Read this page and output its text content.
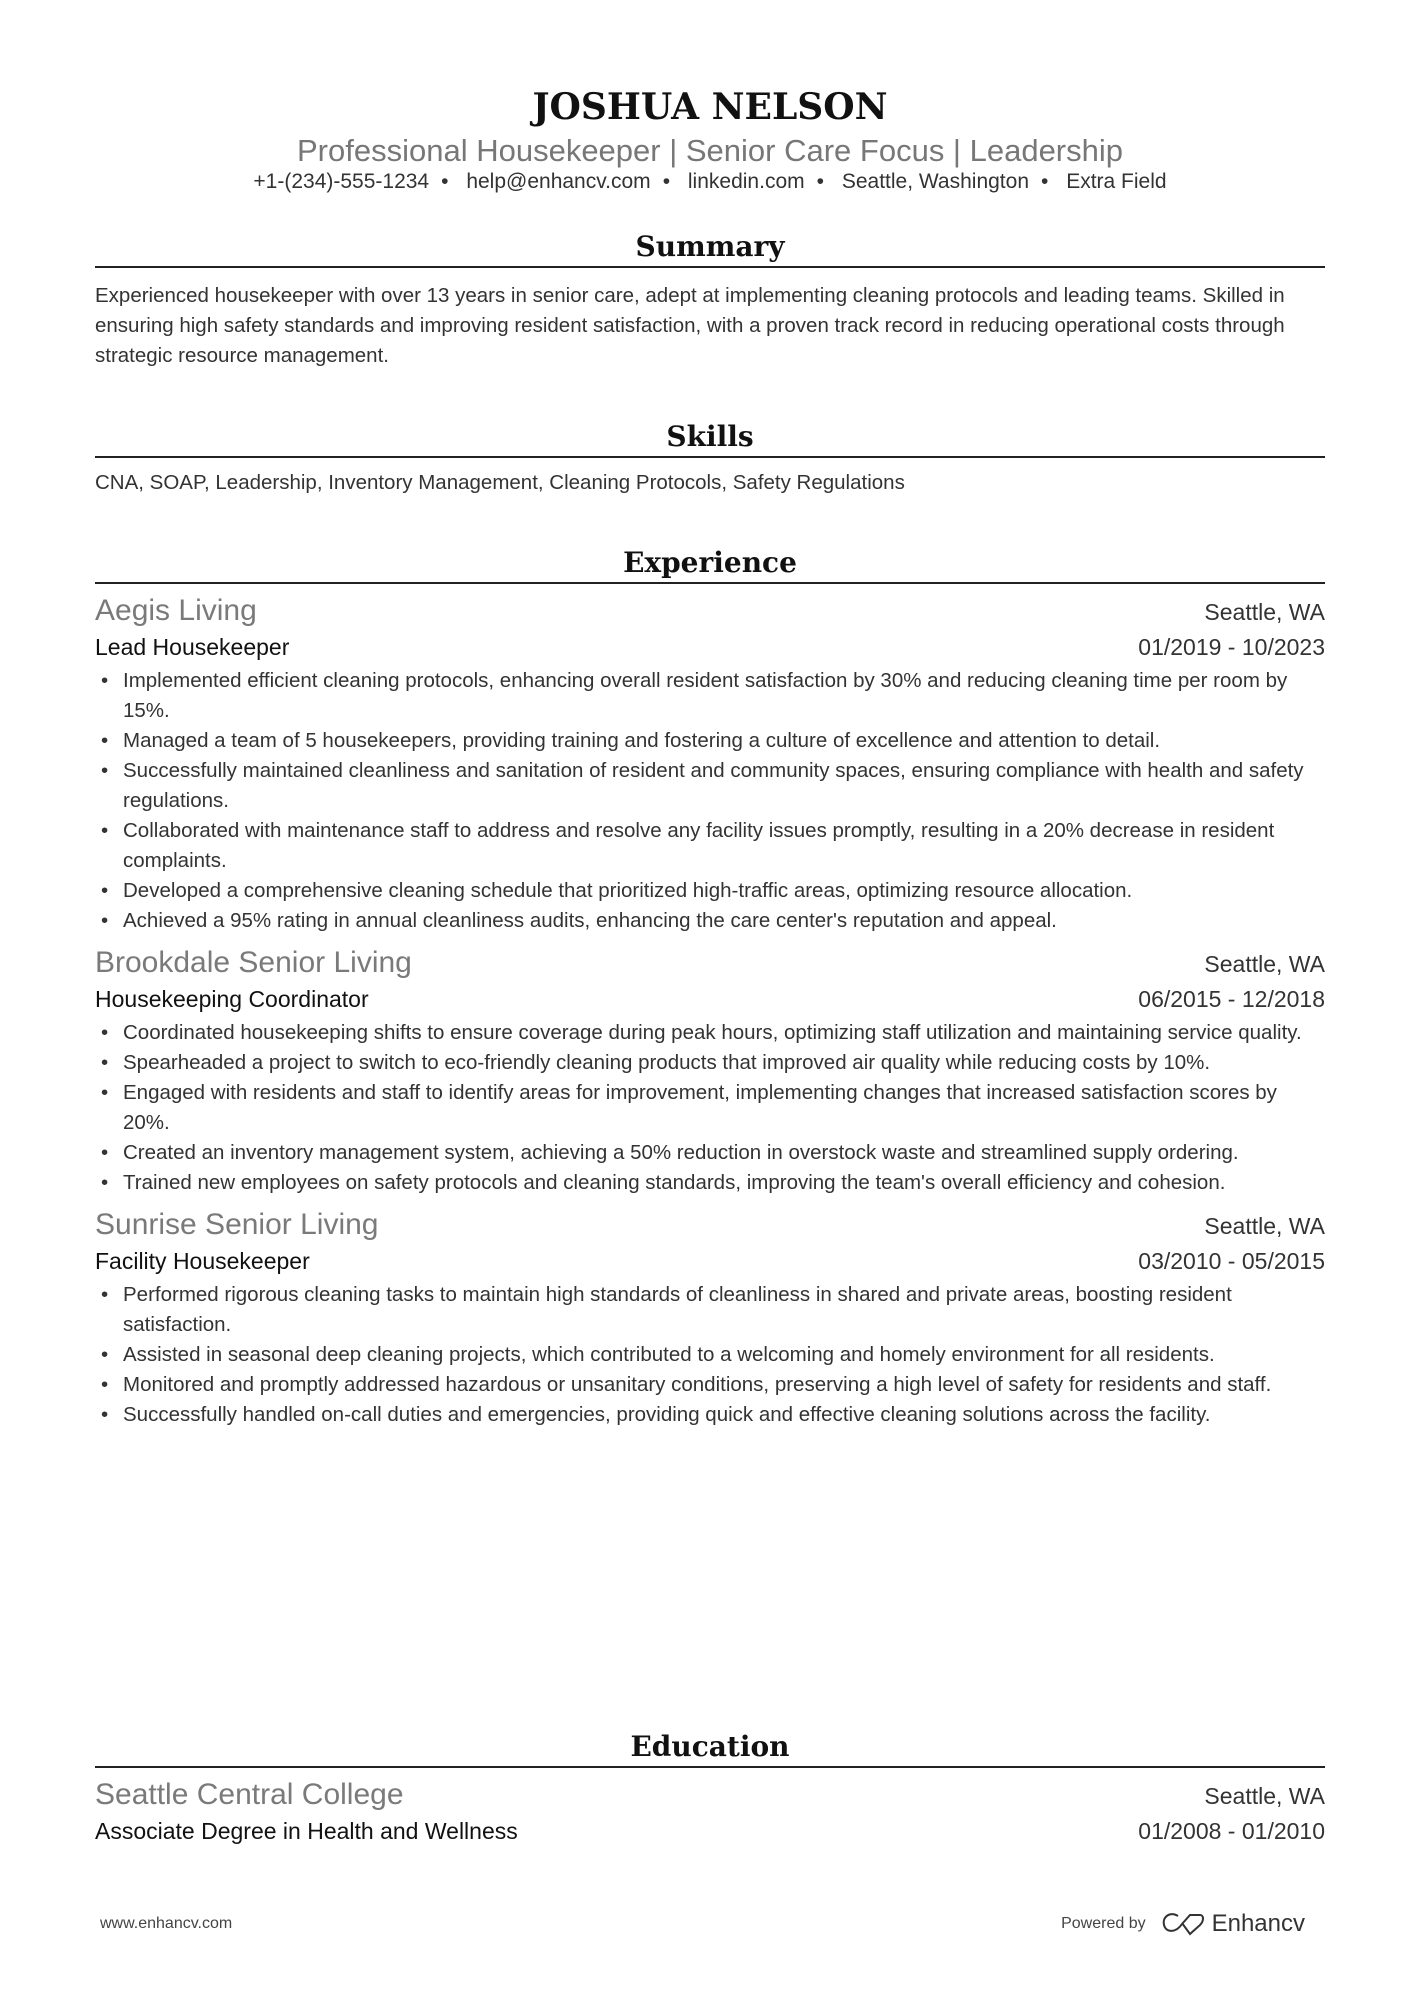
JOSHUA NELSON
Professional Housekeeper | Senior Care Focus | Leadership
+1-(234)-555-1234 • help@enhancv.com • linkedin.com • Seattle, Washington • Extra Field
Summary
Experienced housekeeper with over 13 years in senior care, adept at implementing cleaning protocols and leading teams. Skilled in ensuring high safety standards and improving resident satisfaction, with a proven track record in reducing operational costs through strategic resource management.
Skills
CNA, SOAP, Leadership, Inventory Management, Cleaning Protocols, Safety Regulations
Experience
Aegis Living	Seattle, WA
Lead Housekeeper	01/2019 - 10/2023
• Implemented efficient cleaning protocols, enhancing overall resident satisfaction by 30% and reducing cleaning time per room by 15%.
• Managed a team of 5 housekeepers, providing training and fostering a culture of excellence and attention to detail.
• Successfully maintained cleanliness and sanitation of resident and community spaces, ensuring compliance with health and safety regulations.
• Collaborated with maintenance staff to address and resolve any facility issues promptly, resulting in a 20% decrease in resident complaints.
• Developed a comprehensive cleaning schedule that prioritized high-traffic areas, optimizing resource allocation.
• Achieved a 95% rating in annual cleanliness audits, enhancing the care center's reputation and appeal.
Brookdale Senior Living	Seattle, WA
Housekeeping Coordinator	06/2015 - 12/2018
• Coordinated housekeeping shifts to ensure coverage during peak hours, optimizing staff utilization and maintaining service quality.
• Spearheaded a project to switch to eco-friendly cleaning products that improved air quality while reducing costs by 10%.
• Engaged with residents and staff to identify areas for improvement, implementing changes that increased satisfaction scores by 20%.
• Created an inventory management system, achieving a 50% reduction in overstock waste and streamlined supply ordering.
• Trained new employees on safety protocols and cleaning standards, improving the team's overall efficiency and cohesion.
Sunrise Senior Living	Seattle, WA
Facility Housekeeper	03/2010 - 05/2015
• Performed rigorous cleaning tasks to maintain high standards of cleanliness in shared and private areas, boosting resident satisfaction.
• Assisted in seasonal deep cleaning projects, which contributed to a welcoming and homely environment for all residents.
• Monitored and promptly addressed hazardous or unsanitary conditions, preserving a high level of safety for residents and staff.
• Successfully handled on-call duties and emergencies, providing quick and effective cleaning solutions across the facility.
Education
Seattle Central College	Seattle, WA
Associate Degree in Health and Wellness	01/2008 - 01/2010
www.enhancv.com	Powered by	Enhancv
